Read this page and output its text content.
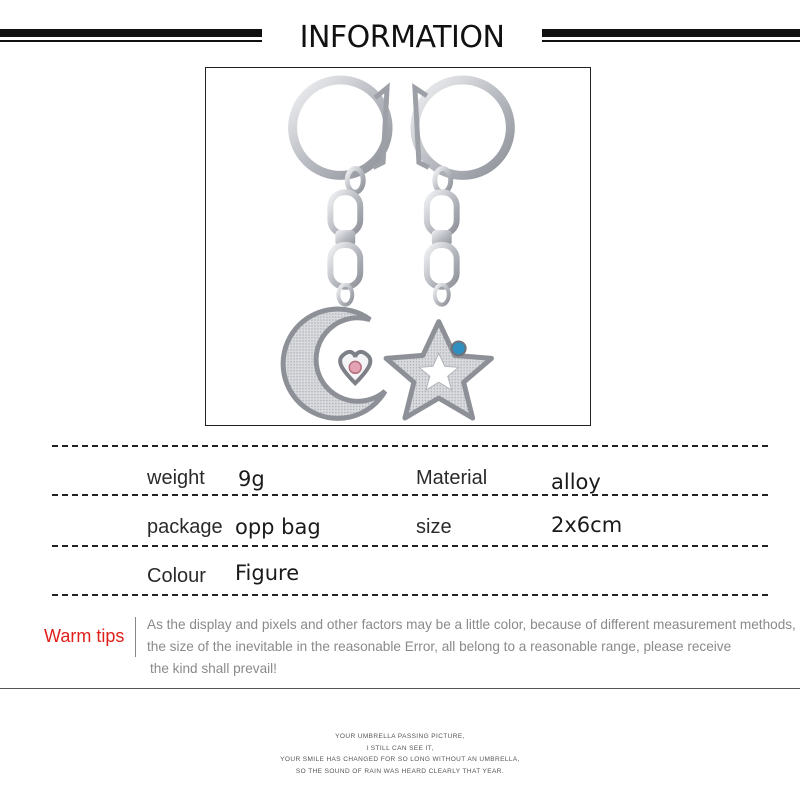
INFORMATION
weight 9g	Material	alloy
package opp bag	size	2x6cm
Colour Figure
Warm tips
As the display and pixels and other factors may be a little color, because of different measurement methods,
the size of the inevitable in the reasonable Error, all belong to a reasonable range, please receive
the kind shall prevail!
YOUR UMBRELLA PASSING PICTURE,
I STILL CAN SEE IT,
YOUR SMILE HAS CHANGED FOR SO LONG WITHOUT AN UMBRELLA,
SO THE SOUND OF RAIN WAS HEARD CLEARLY THAT YEAR.
